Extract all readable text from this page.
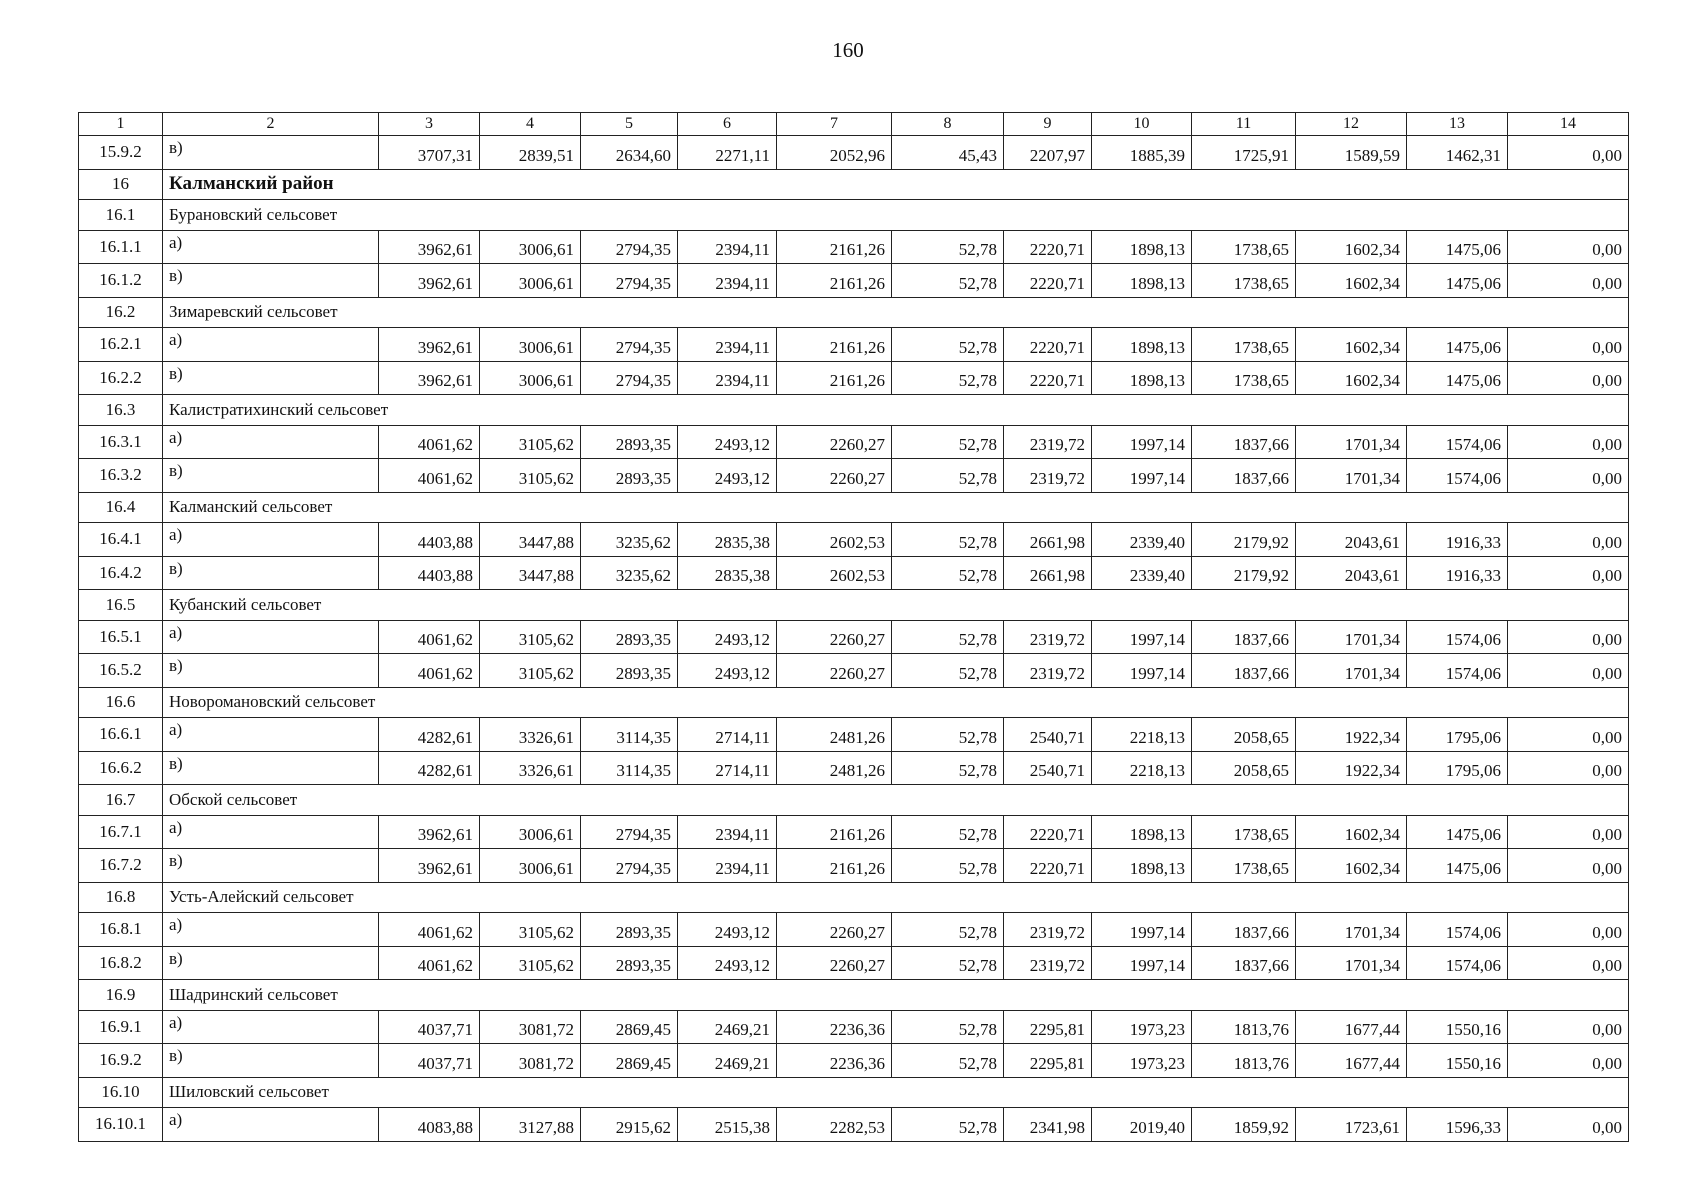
160
1	2	3	4	5	6	7	8	9	10	11	12	13	14
15.9.2	в)	3707,31	2839,51	2634,60	2271,11	2052,96	45,43	2207,97	1885,39	1725,91	1589,59	1462,31	0,00
16	Калманский район												
16.1	Бурановский сельсовет												
16.1.1	а)	3962,61	3006,61	2794,35	2394,11	2161,26	52,78	2220,71	1898,13	1738,65	1602,34	1475,06	0,00
16.1.2	в)	3962,61	3006,61	2794,35	2394,11	2161,26	52,78	2220,71	1898,13	1738,65	1602,34	1475,06	0,00
16.2	Зимаревский сельсовет												
16.2.1	а)	3962,61	3006,61	2794,35	2394,11	2161,26	52,78	2220,71	1898,13	1738,65	1602,34	1475,06	0,00
16.2.2	в)	3962,61	3006,61	2794,35	2394,11	2161,26	52,78	2220,71	1898,13	1738,65	1602,34	1475,06	0,00
16.3	Калистратихинский сельсовет												
16.3.1	а)	4061,62	3105,62	2893,35	2493,12	2260,27	52,78	2319,72	1997,14	1837,66	1701,34	1574,06	0,00
16.3.2	в)	4061,62	3105,62	2893,35	2493,12	2260,27	52,78	2319,72	1997,14	1837,66	1701,34	1574,06	0,00
16.4	Калманский сельсовет												
16.4.1	а)	4403,88	3447,88	3235,62	2835,38	2602,53	52,78	2661,98	2339,40	2179,92	2043,61	1916,33	0,00
16.4.2	в)	4403,88	3447,88	3235,62	2835,38	2602,53	52,78	2661,98	2339,40	2179,92	2043,61	1916,33	0,00
16.5	Кубанский сельсовет												
16.5.1	а)	4061,62	3105,62	2893,35	2493,12	2260,27	52,78	2319,72	1997,14	1837,66	1701,34	1574,06	0,00
16.5.2	в)	4061,62	3105,62	2893,35	2493,12	2260,27	52,78	2319,72	1997,14	1837,66	1701,34	1574,06	0,00
16.6	Новоромановский сельсовет												
16.6.1	а)	4282,61	3326,61	3114,35	2714,11	2481,26	52,78	2540,71	2218,13	2058,65	1922,34	1795,06	0,00
16.6.2	в)	4282,61	3326,61	3114,35	2714,11	2481,26	52,78	2540,71	2218,13	2058,65	1922,34	1795,06	0,00
16.7	Обской сельсовет												
16.7.1	а)	3962,61	3006,61	2794,35	2394,11	2161,26	52,78	2220,71	1898,13	1738,65	1602,34	1475,06	0,00
16.7.2	в)	3962,61	3006,61	2794,35	2394,11	2161,26	52,78	2220,71	1898,13	1738,65	1602,34	1475,06	0,00
16.8	Усть-Алейский сельсовет												
16.8.1	а)	4061,62	3105,62	2893,35	2493,12	2260,27	52,78	2319,72	1997,14	1837,66	1701,34	1574,06	0,00
16.8.2	в)	4061,62	3105,62	2893,35	2493,12	2260,27	52,78	2319,72	1997,14	1837,66	1701,34	1574,06	0,00
16.9	Шадринский сельсовет												
16.9.1	а)	4037,71	3081,72	2869,45	2469,21	2236,36	52,78	2295,81	1973,23	1813,76	1677,44	1550,16	0,00
16.9.2	в)	4037,71	3081,72	2869,45	2469,21	2236,36	52,78	2295,81	1973,23	1813,76	1677,44	1550,16	0,00
16.10	Шиловский сельсовет												
16.10.1	а)	4083,88	3127,88	2915,62	2515,38	2282,53	52,78	2341,98	2019,40	1859,92	1723,61	1596,33	0,00
